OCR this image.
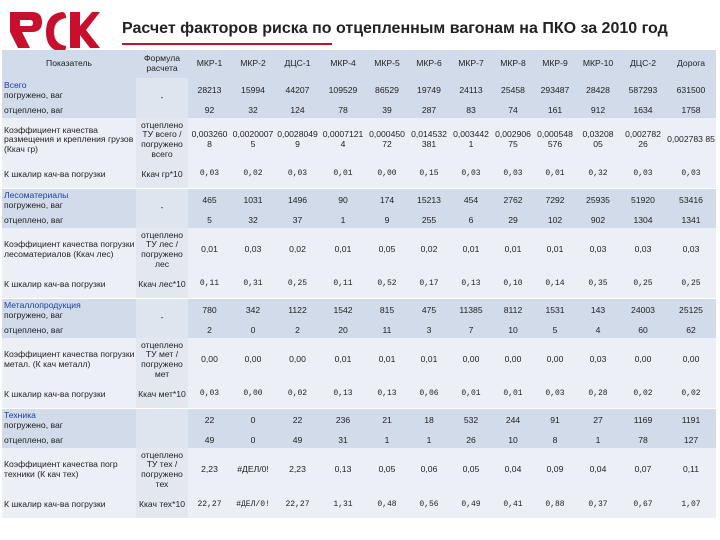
Расчет факторов риска по отцепленным вагонам на ПКО за 2010 год
Показатель	Формула расчета	МКР-1	МКР-2	ДЦС-1	МКР-4	МКР-5	МКР-6	МКР-7	МКР-8	МКР-9	МКР-10	ДЦС-2	Дорога
Всего
погружено, ваг	-	28213	15994	44207	109529	86529	19749	24113	25458	293487	28428	587293	631500
отцеплено, ваг		92	32	124	78	39	287	83	74	161	912	1634	1758
Коэффициент качества размещения и крепления грузов (Ккач гр)	отцеплено ТУ всего / погружено всего	0,003260 8	0,0020007 5	0,0028049 9	0,0007121 4	0,000450 72	0,014532 381	0,003442 1	0,002906 75	0,000548 576	0,03208 05	0,002782 26	0,002783 85
К шкалир кач-ва погрузки	Ккач гр*10	0,03	0,02	0,03	0,01	0,00	0,15	0,03	0,03	0,01	0,32	0,03	0,03
Лесоматериалы
погружено, ваг	-	465	1031	1496	90	174	15213	454	2762	7292	25935	51920	53416
отцеплено, ваг		5	32	37	1	9	255	6	29	102	902	1304	1341
Коэффициент качества погрузки лесоматериалов (Ккач лес)	отцеплено ТУ лес / погружено лес	0,01	0,03	0,02	0,01	0,05	0,02	0,01	0,01	0,01	0,03	0,03	0,03
К шкалир кач-ва погрузки	Ккач лес*10	0,11	0,31	0,25	0,11	0,52	0,17	0,13	0,10	0,14	0,35	0,25	0,25
Металлопродукция
погружено, ваг	-	780	342	1122	1542	815	475	11385	8112	1531	143	24003	25125
отцеплено, ваг		2	0	2	20	11	3	7	10	5	4	60	62
Коэффициент качества погрузки метал. (К кач металл)	отцеплено ТУ мет / погружено мет	0,00	0,00	0,00	0,01	0,01	0,01	0,00	0,00	0,00	0,03	0,00	0,00
К шкалир кач-ва погрузки	Ккач мет*10	0,03	0,00	0,02	0,13	0,13	0,06	0,01	0,01	0,03	0,28	0,02	0,02
Техника
погружено, ваг		22	0	22	236	21	18	532	244	91	27	1169	1191
отцеплено, ваг		49	0	49	31	1	1	26	10	8	1	78	127
Коэффициент качества погр техники (К кач тех)	отцеплено ТУ тех / погружено тех	2,23	#ДЕЛ/0!	2,23	0,13	0,05	0,06	0,05	0,04	0,09	0,04	0,07	0,11
К шкалир кач-ва погрузки	Ккач тех*10	22,27	#ДЕЛ/0!	22,27	1,31	0,48	0,56	0,49	0,41	0,88	0,37	0,67	1,07
